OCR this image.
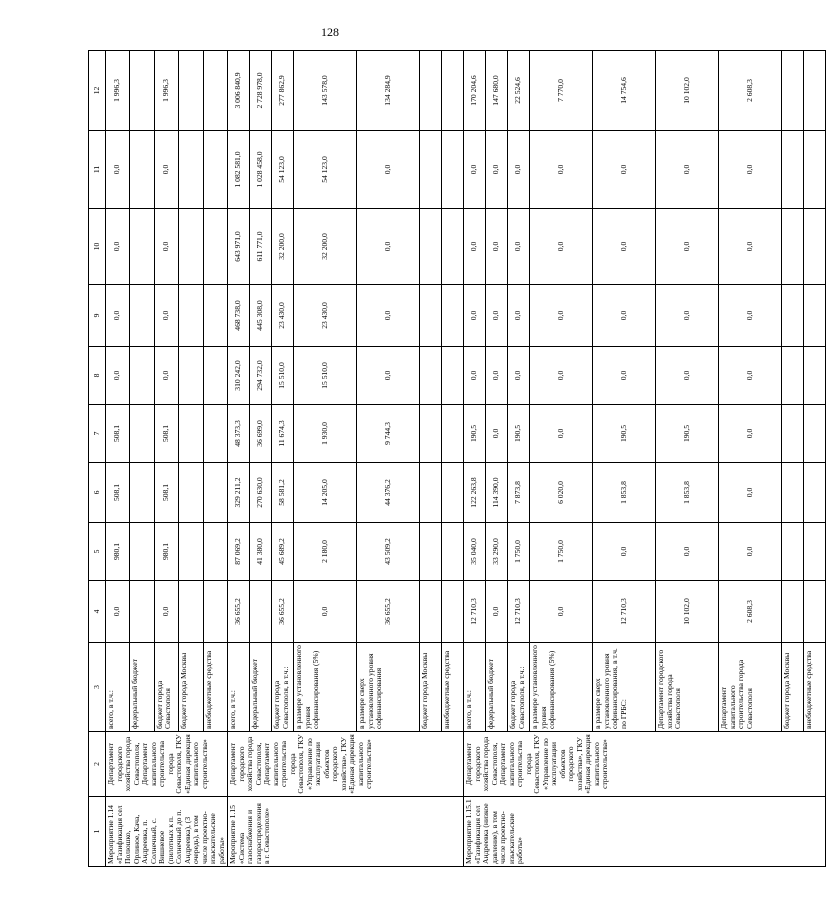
128
1	2	3	4	5	6	7	8	9	10	11	12
Мероприятие 1.14 «Газификация сел Полюшко, Орлиное, Кача, Андреевка, п. Солнечный, с. Вишневое (пилотных к п. Солнечный до п. Андреевка), (3 очередь), в том числе проектно-изыскательские работы»	Департамент городского хозяйства города Севастополя, Департамент капитального строительства города Севастополя, ГКУ «Единая дирекция капитального строительства»	всего, в т.ч.:	0,0	980,1	508,1	508,1	0,0	0,0	0,0	0,0	1 996,3
		федеральный бюджет									
		бюджет города Севастополя	0,0	980,1	508,1	508,1	0,0	0,0	0,0	0,0	1 996,3
		бюджет города Москвы									
		внебюджетные средства									
Мероприятие 1.15 «Система газоснабжения и газораспределения в г. Севастополе»	Департамент городского хозяйства города Севастополя, Департамент капитального строительства города Севастополя, ГКУ «Управление по эксплуатации объектов городского хозяйства», ГКУ «Единая дирекция капитального строительства»	всего, в т.ч.:	36 655,2	87 069,2	329 211,2	48 373,3	310 242,0	468 738,0	643 971,0	1 082 581,0	3 006 840,9
		федеральный бюджет		41 380,0	270 630,0	36 699,0	294 732,0	445 308,0	611 771,0	1 028 458,0	2 728 978,0
		бюджет города Севастополя, в т.ч.:	36 655,2	45 689,2	58 581,2	11 674,3	15 510,0	23 430,0	32 200,0	54 123,0	277 862,9
		в размере установленного уровня софинансирования (5%)	0,0	2 180,0	14 205,0	1 930,0	15 510,0	23 430,0	32 200,0	54 123,0	143 578,0
		в размере сверх установленного уровня софинансирования	36 655,2	43 509,2	44 376,2	9 744,3	0,0	0,0	0,0	0,0	134 284,9
		бюджет города Москвы									
		внебюджетные средства									
Мероприятие 1.15.1 «Газификация сел Андреевка (низкое давление), в том числе проектно-изыскательские работы»	Департамент городского хозяйства города Севастополя, Департамент капитального строительства города Севастополя, ГКУ «Управление по эксплуатации объектов городского хозяйства», ГКУ «Единая дирекция капитального строительства»	всего, в т.ч.:	12 710,3	35 040,0	122 263,8	190,5	0,0	0,0	0,0	0,0	170 204,6
		федеральный бюджет	0,0	33 290,0	114 390,0	0,0	0,0	0,0	0,0	0,0	147 680,0
		бюджет города Севастополя, в т.ч.:	12 710,3	1 750,0	7 873,8	190,5	0,0	0,0	0,0	0,0	22 524,6
		в размере установленного уровня софинансирования (5%)	0,0	1 750,0	6 020,0	0,0	0,0	0,0	0,0	0,0	7 770,0
		в размере сверх установленного уровня софинансирования, в т.ч. по ГРБС:	12 710,3	0,0	1 853,8	190,5	0,0	0,0	0,0	0,0	14 754,6
		Департамент городского хозяйства города Севастополя	10 102,0	0,0	1 853,8	190,5	0,0	0,0	0,0	0,0	10 102,0
		Департамент капитального строительства города Севастополя	2 608,3	0,0	0,0	0,0	0,0	0,0	0,0	0,0	2 608,3
		бюджет города Москвы									
		внебюджетные средства									
